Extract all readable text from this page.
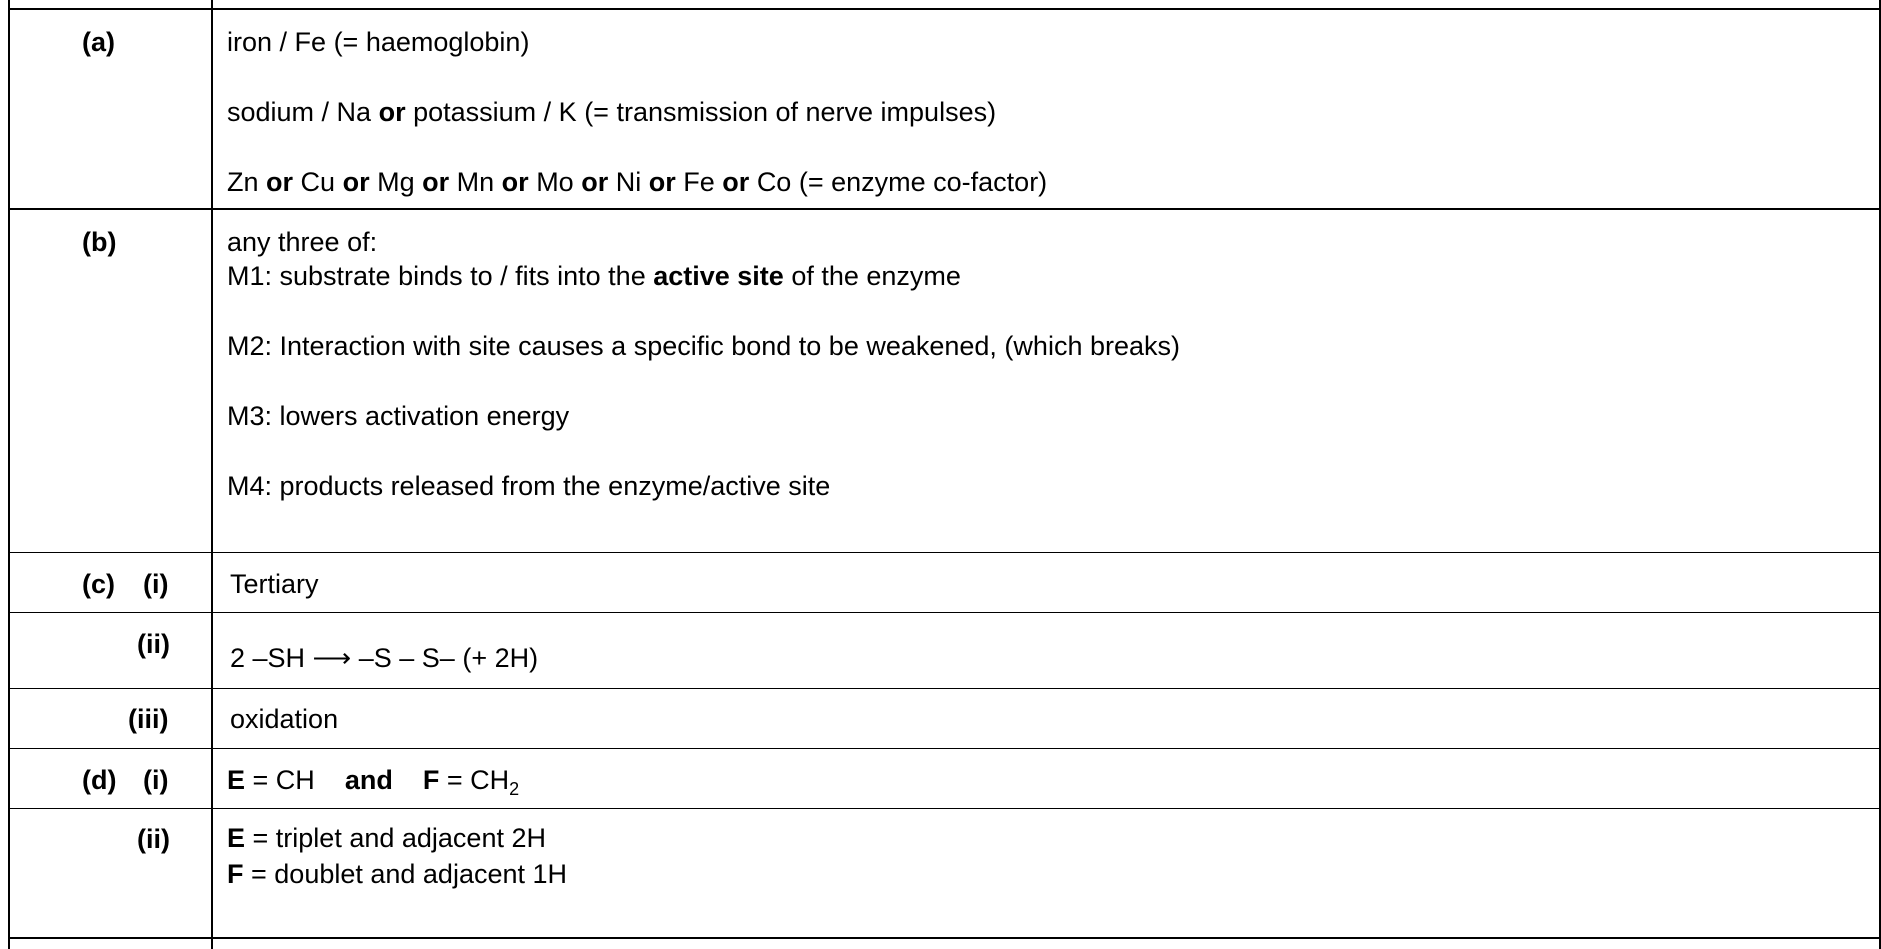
(a)	iron / Fe (= haemoglobin)
sodium / Na or potassium / K (= transmission of nerve impulses)
Zn or Cu or Mg or Mn or Mo or Ni or Fe or Co (= enzyme co-factor)
(b)	any three of:
M1: substrate binds to / fits into the active site of the enzyme
M2: Interaction with site causes a specific bond to be weakened, (which breaks)
M3: lowers activation energy
M4: products released from the enzyme/active site
(c) (i) Tertiary
(ii) 2 –SH ⟶ –S – S– (+ 2H)
(iii) oxidation
(d) (i) E = CH and $F = CH_2$
(ii) E = triplet and adjacent 2H
F = doublet and adjacent 1H
